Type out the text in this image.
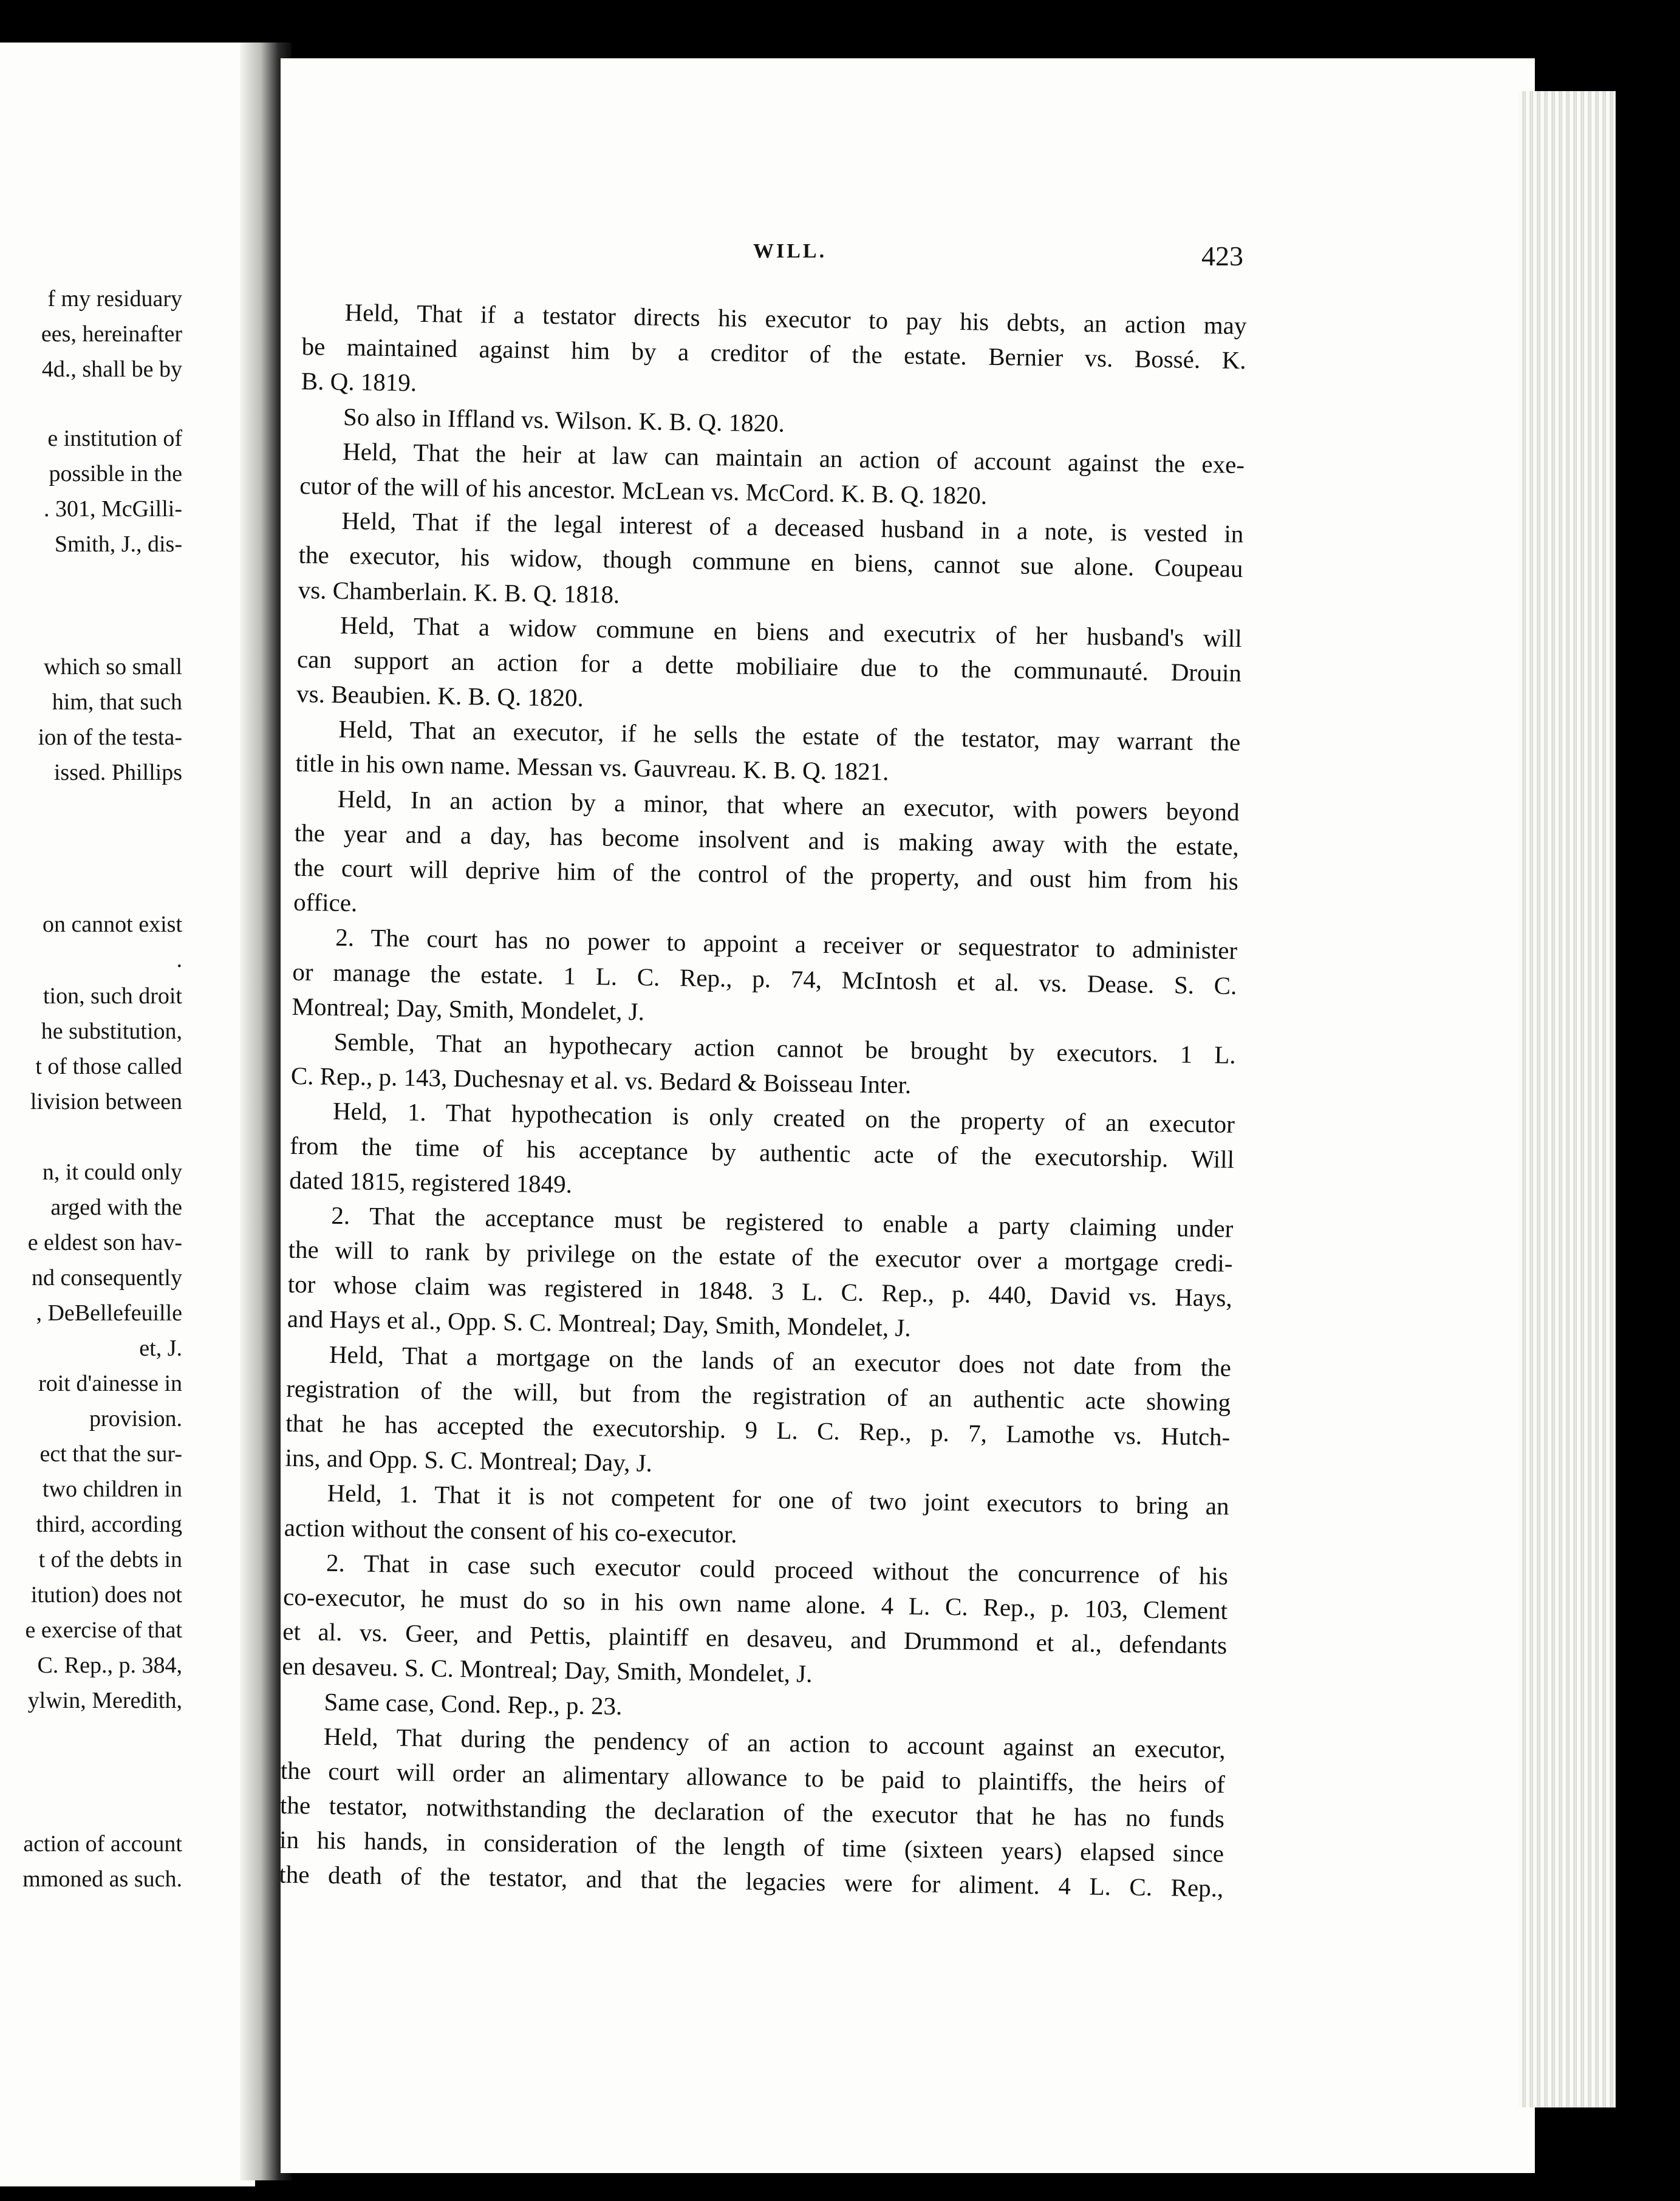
f my residuary
ees, hereinafter
4d., shall be by
e institution of
possible in the
. 301, McGilli-
Smith, J., dis-
which so small
him, that such
ion of the testa-
issed. Phillips
on cannot exist
.
tion, such droit
he substitution,
t of those called
livision between
n, it could only
arged with the
e eldest son hav-
nd consequently
, DeBellefeuille
et, J.
roit d'ainesse in
provision.
ect that the sur-
two children in
third, according
t of the debts in
itution) does not
e exercise of that
C. Rep., p. 384,
ylwin, Meredith,
action of account
mmoned as such.
WILL.	423
Held, That if a testator directs his executor to pay his debts, an action may
be maintained against him by a creditor of the estate. Bernier vs. Bossé. K.
B. Q. 1819.
So also in Iffland vs. Wilson. K. B. Q. 1820.
Held, That the heir at law can maintain an action of account against the exe-
cutor of the will of his ancestor. McLean vs. McCord. K. B. Q. 1820.
Held, That if the legal interest of a deceased husband in a note, is vested in
the executor, his widow, though commune en biens, cannot sue alone. Coupeau
vs. Chamberlain. K. B. Q. 1818.
Held, That a widow commune en biens and executrix of her husband's will
can support an action for a dette mobiliaire due to the communauté. Drouin
vs. Beaubien. K. B. Q. 1820.
Held, That an executor, if he sells the estate of the testator, may warrant the
title in his own name. Messan vs. Gauvreau. K. B. Q. 1821.
Held, In an action by a minor, that where an executor, with powers beyond
the year and a day, has become insolvent and is making away with the estate,
the court will deprive him of the control of the property, and oust him from his
office.
2. The court has no power to appoint a receiver or sequestrator to administer
or manage the estate. 1 L. C. Rep., p. 74, McIntosh et al. vs. Dease. S. C.
Montreal; Day, Smith, Mondelet, J.
Semble, That an hypothecary action cannot be brought by executors. 1 L.
C. Rep., p. 143, Duchesnay et al. vs. Bedard & Boisseau Inter.
Held, 1. That hypothecation is only created on the property of an executor
from the time of his acceptance by authentic acte of the executorship. Will
dated 1815, registered 1849.
2. That the acceptance must be registered to enable a party claiming under
the will to rank by privilege on the estate of the executor over a mortgage credi-
tor whose claim was registered in 1848. 3 L. C. Rep., p. 440, David vs. Hays,
and Hays et al., Opp. S. C. Montreal; Day, Smith, Mondelet, J.
Held, That a mortgage on the lands of an executor does not date from the
registration of the will, but from the registration of an authentic acte showing
that he has accepted the executorship. 9 L. C. Rep., p. 7, Lamothe vs. Hutch-
ins, and Opp. S. C. Montreal; Day, J.
Held, 1. That it is not competent for one of two joint executors to bring an
action without the consent of his co-executor.
2. That in case such executor could proceed without the concurrence of his
co-executor, he must do so in his own name alone. 4 L. C. Rep., p. 103, Clement
et al. vs. Geer, and Pettis, plaintiff en desaveu, and Drummond et al., defendants
en desaveu. S. C. Montreal; Day, Smith, Mondelet, J.
Same case, Cond. Rep., p. 23.
Held, That during the pendency of an action to account against an executor,
the court will order an alimentary allowance to be paid to plaintiffs, the heirs of
the testator, notwithstanding the declaration of the executor that he has no funds
in his hands, in consideration of the length of time (sixteen years) elapsed since
the death of the testator, and that the legacies were for aliment. 4 L. C. Rep.,
